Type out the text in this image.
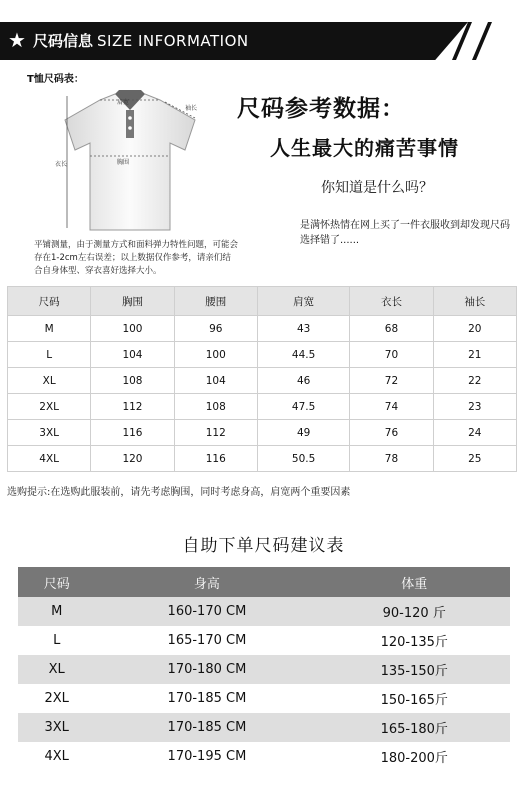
★ 尺码信息 SIZE INFORMATION
T恤尺码表：
肩宽
袖长
衣长	胸围
平铺测量，由于测量方式和面料弹力特性问题，可能会存在1-2cm左右误差；以上数据仅作参考，请亲们结合自身体型、穿衣喜好选择大小。
尺码参考数据：
人生最大的痛苦事情
你知道是什么吗？
是满怀热情在网上买了一件衣服收到却发现尺码选择错了......
尺码	胸围	腰围	肩宽	衣长	袖长
M	100	96	43	68	20
L	104	100	44.5	70	21
XL	108	104	46	72	22
2XL	112	108	47.5	74	23
3XL	116	112	49	76	24
4XL	120	116	50.5	78	25
选购提示:在选购此服装前，请先考虑胸围，同时考虑身高，肩宽两个重要因素
自助下单尺码建议表
尺码	身高	体重
M	160-170 CM	90-120 斤
L	165-170 CM	120-135斤
XL	170-180 CM	135-150斤
2XL	170-185 CM	150-165斤
3XL	170-185 CM	165-180斤
4XL	170-195 CM	180-200斤
